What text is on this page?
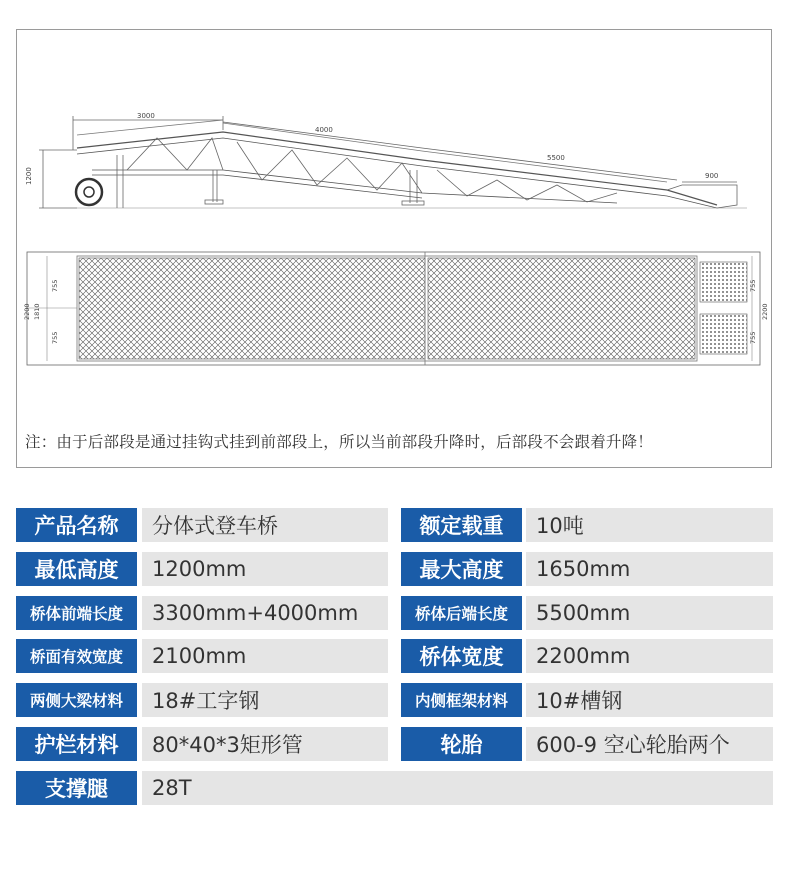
3000
4000
5500
900
1200
2200 1810
755
755
755
755
2200
注：由于后部段是通过挂钩式挂到前部段上，所以当前部段升降时，后部段不会跟着升降！
产品名称	分体式登车桥	额定载重	10吨
最低高度	1200mm	最大高度	1650mm
桥体前端长度	3300mm+4000mm	桥体后端长度	5500mm
桥面有效宽度	2100mm	桥体宽度	2200mm
两侧大梁材料	18#工字钢	内侧框架材料	10#槽钢
护栏材料	80*40*3矩形管	轮胎	600-9 空心轮胎两个
支撑腿	28T
